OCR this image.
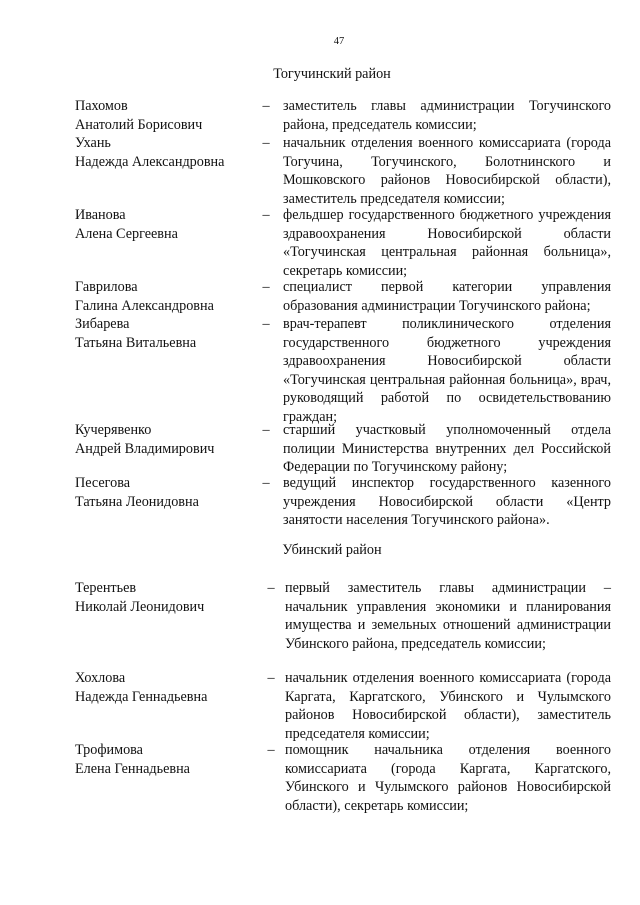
47
Тогучинский район
Пахомов
Анатолий Борисович
– заместитель главы администрации Тогучинского района, председатель комиссии;
Ухань
Надежда Александровна
– начальник отделения военного комиссариата (города Тогучина, Тогучинского, Болотнинского и Мошковского районов Новосибирской области), заместитель председателя комиссии;
Иванова
Алена Сергеевна
– фельдшер государственного бюджетного учреждения здравоохранения Новосибирской области «Тогучинская центральная районная больница», секретарь комиссии;
Гаврилова
Галина Александровна
– специалист первой категории управления образования администрации Тогучинского района;
Зибарева
Татьяна Витальевна
– врач-терапевт поликлинического отделения государственного бюджетного учреждения здравоохранения Новосибирской области «Тогучинская центральная районная больница», врач, руководящий работой по освидетельствованию граждан;
Кучерявенко
Андрей Владимирович
– старший участковый уполномоченный отдела полиции Министерства внутренних дел Российской Федерации по Тогучинскому району;
Песегова
Татьяна Леонидовна
– ведущий инспектор государственного казенного учреждения Новосибирской области «Центр занятости населения Тогучинского района».
Убинский район
Терентьев
Николай Леонидович
– первый заместитель главы администрации – начальник управления экономики и планирования имущества и земельных отношений администрации Убинского района, председатель комиссии;
Хохлова
Надежда Геннадьевна
– начальник отделения военного комиссариата (города Каргата, Каргатского, Убинского и Чулымского районов Новосибирской области), заместитель председателя комиссии;
Трофимова
Елена Геннадьевна
– помощник начальника отделения военного комиссариата (города Каргата, Каргатского, Убинского и Чулымского районов Новосибирской области), секретарь комиссии;
